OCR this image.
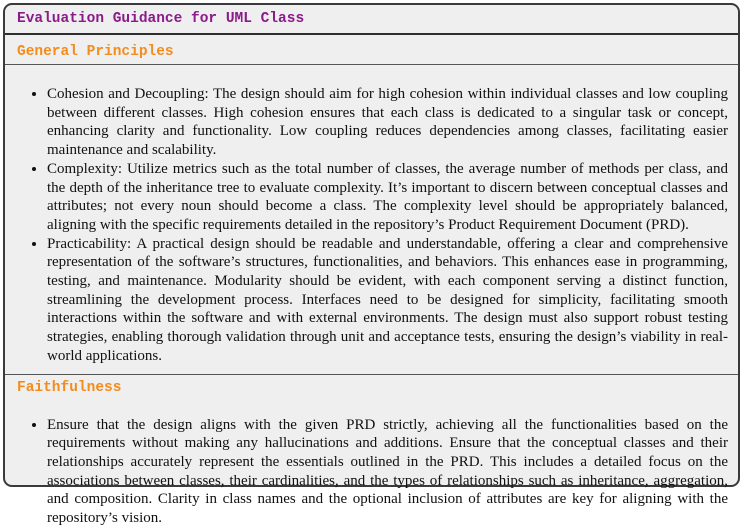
Evaluation Guidance for UML Class
General Principles
• Cohesion and Decoupling: The design should aim for high cohesion within individual classes and low coupling between different classes. High cohesion ensures that each class is dedicated to a singular task or concept, enhancing clarity and functionality. Low coupling reduces dependencies among classes, facilitating easier maintenance and scalability.
• Complexity: Utilize metrics such as the total number of classes, the average number of methods per class, and the depth of the inheritance tree to evaluate complexity. It’s important to discern between conceptual classes and attributes; not every noun should become a class. The complexity level should be appropriately balanced, aligning with the specific requirements detailed in the repository’s Product Requirement Document (PRD).
• Practicability: A practical design should be readable and understandable, offering a clear and comprehensive representation of the software’s structures, functionalities, and behaviors. This enhances ease in programming, testing, and maintenance. Modularity should be evident, with each component serving a distinct function, streamlining the development process. Interfaces need to be designed for simplicity, facilitating smooth interactions within the software and with external environments. The design must also support robust testing strategies, enabling thorough validation through unit and acceptance tests, ensuring the design’s viability in real-world applications.
Faithfulness
• Ensure that the design aligns with the given PRD strictly, achieving all the functionalities based on the requirements without making any hallucinations and additions. Ensure that the conceptual classes and their relationships accurately represent the essentials outlined in the PRD. This includes a detailed focus on the associations between classes, their cardinalities, and the types of relationships such as inheritance, aggregation, and composition. Clarity in class names and the optional inclusion of attributes are key for aligning with the repository’s vision.
